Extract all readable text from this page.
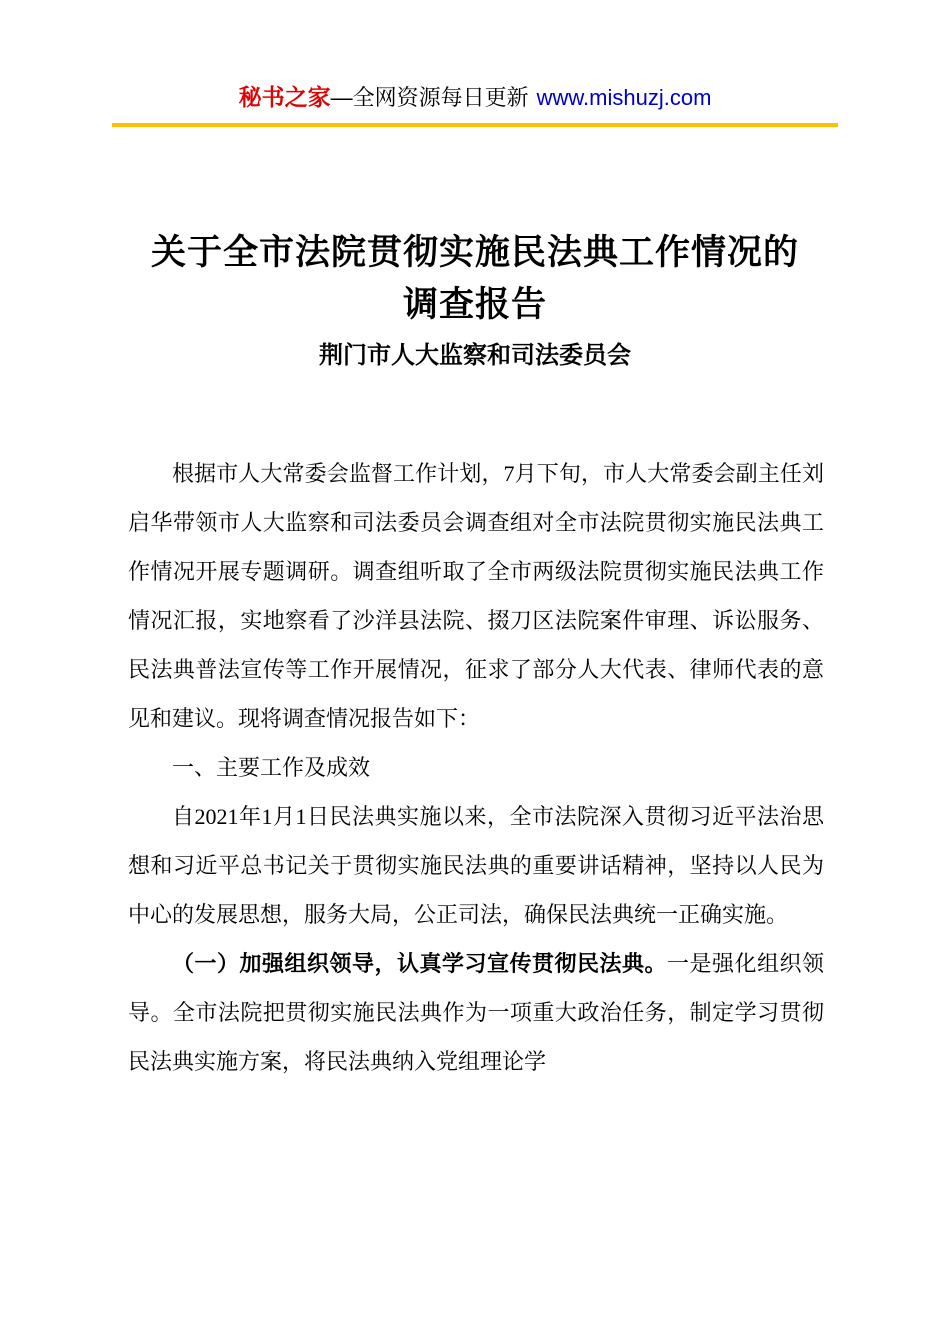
秘书之家—全网资源每日更新 www.mishuzj.com
关于全市法院贯彻实施民法典工作情况的
调查报告
荆门市人大监察和司法委员会

根据市人大常委会监督工作计划，7月下旬，市人大常委会副主任刘启华带领市人大监察和司法委员会调查组对全市法院贯彻实施民法典工作情况开展专题调研。调查组听取了全市两级法院贯彻实施民法典工作情况汇报，实地察看了沙洋县法院、掇刀区法院案件审理、诉讼服务、民法典普法宣传等工作开展情况，征求了部分人大代表、律师代表的意见和建议。现将调查情况报告如下：

一、主要工作及成效

自2021年1月1日民法典实施以来，全市法院深入贯彻习近平法治思想和习近平总书记关于贯彻实施民法典的重要讲话精神，坚持以人民为中心的发展思想，服务大局，公正司法，确保民法典统一正确实施。

（一）加强组织领导，认真学习宣传贯彻民法典。一是强化组织领导。全市法院把贯彻实施民法典作为一项重大政治任务，制定学习贯彻民法典实施方案，将民法典纳入党组理论学
